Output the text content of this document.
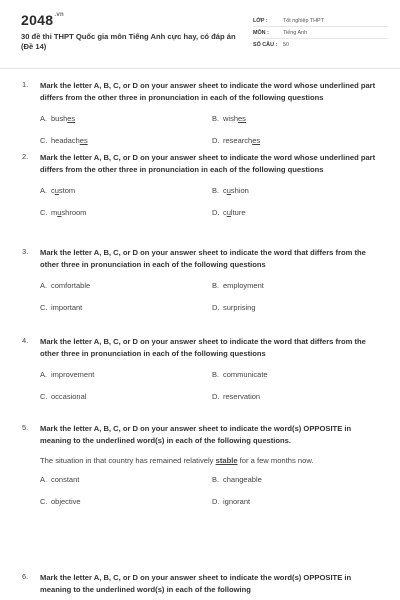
$2048^{.vn}$
30 đề thi THPT Quốc gia môn Tiếng Anh cực hay, có đáp án (Đề 14)
LỚP :	Tốt nghiệp THPT
MÔN :	Tiếng Anh
SỐ CÂU :	50
1. Mark the letter A, B, C, or D on your answer sheet to indicate the word whose underlined part differs from the other three in pronunciation in each of the following questions
A. bushes	B. wishes
C. headaches	D. researches
2. Mark the letter A, B, C, or D on your answer sheet to indicate the word whose underlined part differs from the other three in pronunciation in each of the following questions
A. custom	B. cushion
C. mushroom	D. culture
3. Mark the letter A, B, C, or D on your answer sheet to indicate the word that differs from the other three in pronunciation in each of the following questions
A. comfortable	B. employment
C. important	D. surprising
4. Mark the letter A, B, C, or D on your answer sheet to indicate the word that differs from the other three in pronunciation in each of the following questions
A. improvement	B. communicate
C. occasional	D. reservation
5. Mark the letter A, B, C, or D on your answer sheet to indicate the word(s) OPPOSITE in meaning to the underlined word(s) in each of the following questions.
The situation in that country has remained relatively stable for a few months now.
A. constant	B. changeable
C. objective	D. ignorant
6. Mark the letter A, B, C, or D on your answer sheet to indicate the word(s) OPPOSITE in meaning to the underlined word(s) in each of the following
